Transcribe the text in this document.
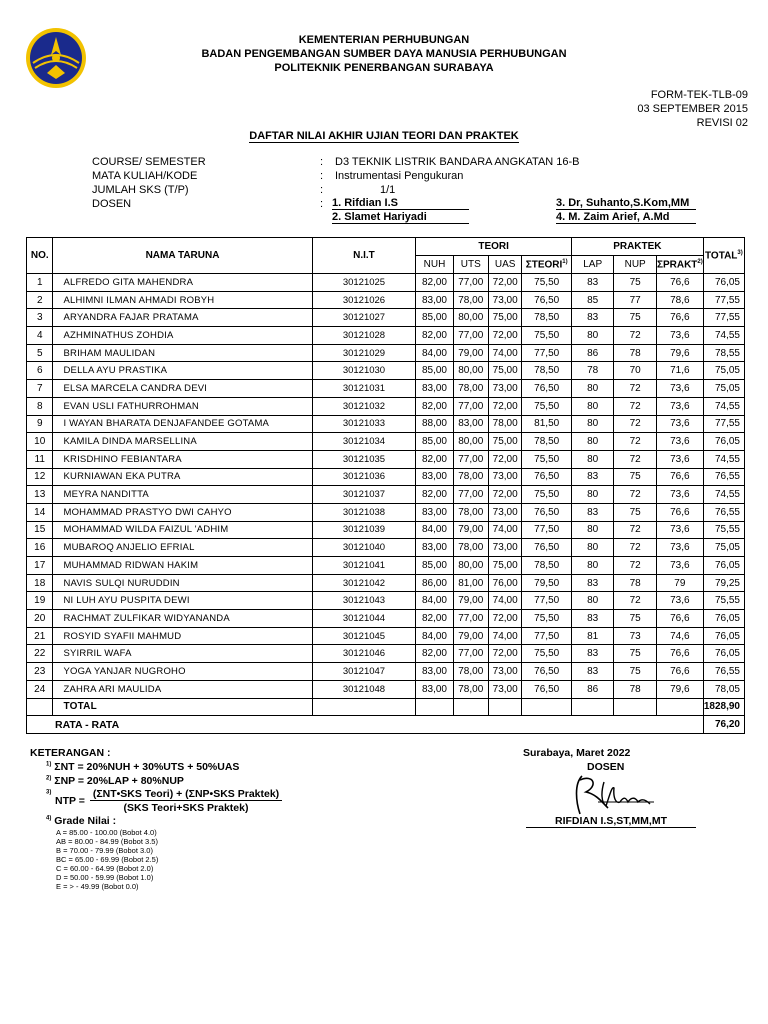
KEMENTERIAN PERHUBUNGAN
BADAN PENGEMBANGAN SUMBER DAYA MANUSIA PERHUBUNGAN
POLITEKNIK PENERBANGAN SURABAYA
FORM-TEK-TLB-09
03 SEPTEMBER 2015
REVISI 02
DAFTAR NILAI AKHIR UJIAN TEORI DAN PRAKTEK
COURSE/ SEMESTER	: D3 TEKNIK LISTRIK BANDARA ANGKATAN 16-B
MATA KULIAH/KODE	: Instrumentasi Pengukuran
JUMLAH SKS (T/P)	:	1/1
DOSEN	: 1. Rifdian I.S
2. Slamet Hariyadi
3. Dr, Suhanto,S.Kom,MM
4. M. Zaim Arief, A.Md
NO.	NAMA TARUNA	N.I.T	TEORI				PRAKTEK			TOTAL$^{3)}$
			NUH	UTS	UAS	ΣTEORI$^{1)}$	LAP	NUP	ΣPRAKT$^{2)}$
1	ALFREDO GITA MAHENDRA	30121025	82,00	77,00	72,00	75,50	83	75	76,6	76,05
2	ALHIMNI ILMAN AHMADI ROBYH	30121026	83,00	78,00	73,00	76,50	85	77	78,6	77,55
3	ARYANDRA FAJAR PRATAMA	30121027	85,00	80,00	75,00	78,50	83	75	76,6	77,55
4	AZHMINATHUS ZOHDIA	30121028	82,00	77,00	72,00	75,50	80	72	73,6	74,55
5	BRIHAM MAULIDAN	30121029	84,00	79,00	74,00	77,50	86	78	79,6	78,55
6	DELLA AYU PRASTIKA	30121030	85,00	80,00	75,00	78,50	78	70	71,6	75,05
7	ELSA MARCELA CANDRA DEVI	30121031	83,00	78,00	73,00	76,50	80	72	73,6	75,05
8	EVAN USLI FATHURROHMAN	30121032	82,00	77,00	72,00	75,50	80	72	73,6	74,55
9	I WAYAN BHARATA DENJAFANDEE GOTAMA	30121033	88,00	83,00	78,00	81,50	80	72	73,6	77,55
10	KAMILA DINDA MARSELLINA	30121034	85,00	80,00	75,00	78,50	80	72	73,6	76,05
11	KRISDHINO FEBIANTARA	30121035	82,00	77,00	72,00	75,50	80	72	73,6	74,55
12	KURNIAWAN EKA PUTRA	30121036	83,00	78,00	73,00	76,50	83	75	76,6	76,55
13	MEYRA NANDITTA	30121037	82,00	77,00	72,00	75,50	80	72	73,6	74,55
14	MOHAMMAD PRASTYO DWI CAHYO	30121038	83,00	78,00	73,00	76,50	83	75	76,6	76,55
15	MOHAMMAD WILDA FAIZUL 'ADHIM	30121039	84,00	79,00	74,00	77,50	80	72	73,6	75,55
16	MUBAROQ ANJELIO EFRIAL	30121040	83,00	78,00	73,00	76,50	80	72	73,6	75,05
17	MUHAMMAD RIDWAN HAKIM	30121041	85,00	80,00	75,00	78,50	80	72	73,6	76,05
18	NAVIS SULQI NURUDDIN	30121042	86,00	81,00	76,00	79,50	83	78	79	79,25
19	NI LUH AYU PUSPITA DEWI	30121043	84,00	79,00	74,00	77,50	80	72	73,6	75,55
20	RACHMAT ZULFIKAR WIDYANANDA	30121044	82,00	77,00	72,00	75,50	83	75	76,6	76,05
21	ROSYID SYAFII MAHMUD	30121045	84,00	79,00	74,00	77,50	81	73	74,6	76,05
22	SYIRRIL WAFA	30121046	82,00	77,00	72,00	75,50	83	75	76,6	76,05
23	YOGA YANJAR NUGROHO	30121047	83,00	78,00	73,00	76,50	83	75	76,6	76,55
24	ZAHRA ARI MAULIDA	30121048	83,00	78,00	73,00	76,50	86	78	79,6	78,05
	TOTAL									1828,90
RATA - RATA										76,20
KETERANGAN :
$^{1)}$ ΣNT = 20%NUH + 30%UTS + 50%UAS
$^{2)}$ ΣNP = 20%LAP + 80%NUP
$^{3)}$
NTP =
(ΣNT•SKS Teori) + (ΣNP•SKS Praktek)
(SKS Teori+SKS Praktek)
$^{4)}$ Grade Nilai :
A = 85.00 - 100.00 (Bobot 4.0)
AB = 80.00 - 84.99 (Bobot 3.5)
B = 70.00 - 79.99 (Bobot 3.0)
BC = 65.00 - 69.99 (Bobot 2.5)
C = 60.00 - 64.99 (Bobot 2.0)
D = 50.00 - 59.99 (Bobot 1.0)
E = > - 49.99 (Bobot 0.0)
Surabaya, Maret 2022
DOSEN
RIFDIAN I.S,ST,MM,MT
